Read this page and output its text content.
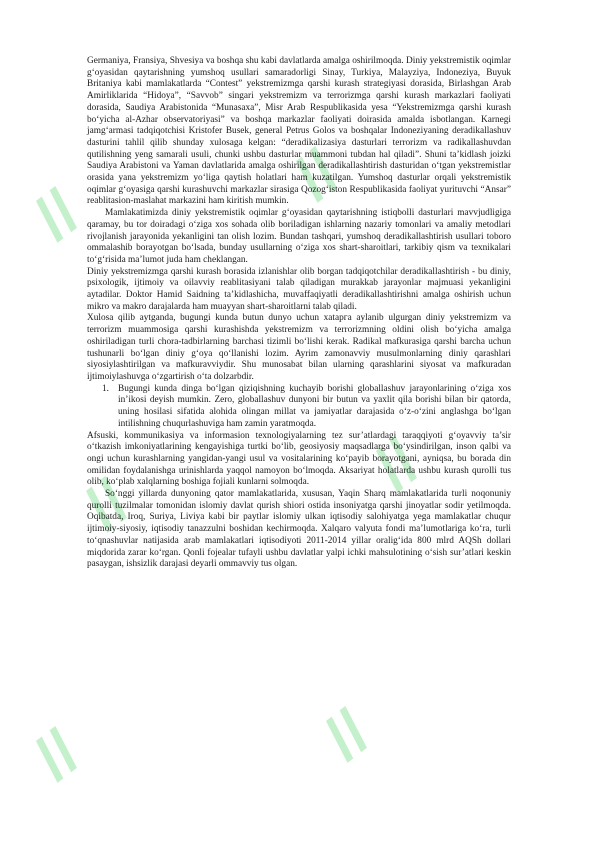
//
//
//
//
//	//

Germaniya, Fransiya, Shvesiya va boshqa shu kabi davlatlarda amalga oshirilmoqda. Diniy yekstremistik oqimlar g‘oyasidan qaytarishning yumshoq usullari samaradorligi Sinay, Turkiya, Malayziya, Indoneziya, Buyuk Britaniya kabi mamlakatlarda “Contest” yekstremizmga qarshi kurash strategiyasi dorasida, Birlashgan Arab Amirliklarida “Hidoya”, “Savvob” singari yekstremizm va terrorizmga qarshi kurash markazlari faoliyati dorasida, Saudiya Arabistonida “Munasaxa”, Misr Arab Respublikasida yesa “Yekstremizmga qarshi kurash bo‘yicha al-Azhar observatoriyasi” va boshqa markazlar faoliyati doirasida amalda isbotlangan. Karnegi jamg‘armasi tadqiqotchisi Kristofer Busek, general Petrus Golos va boshqalar Indoneziyaning deradikallashuv dasturini tahlil qilib shunday xulosaga kelgan: “deradikalizasiya dasturlari terrorizm va radikallashuvdan qutilishning yeng samarali usuli, chunki ushbu dasturlar muammoni tubdan hal qiladi”. Shuni ta’kidlash joizki Saudiya Arabistoni va Yaman davlatlarida amalga oshirilgan deradikallashtirish dasturidan o‘tgan yekstremistlar orasida yana yekstremizm yo‘liga qaytish holatlari ham kuzatilgan. Yumshoq dasturlar orqali yekstremistik oqimlar g‘oyasiga qarshi kurashuvchi markazlar sirasiga Qozog‘iston Respublikasida faoliyat yurituvchi “Ansar” reablitasion-maslahat markazini ham kiritish mumkin.

Mamlakatimizda diniy yekstremistik oqimlar g‘oyasidan qaytarishning istiqbolli dasturlari mavvjudligiga qaramay, bu tor doiradagi o‘ziga xos sohada olib boriladigan ishlarning nazariy tomonlari va amaliy metodlari rivojlanish jarayonida yekanligini tan olish lozim. Bundan tashqari, yumshoq deradikallashtirish usullari toboro ommalashib borayotgan bo‘lsada, bunday usullarning o‘ziga xos shart-sharoitlari, tarkibiy qism va texnikalari to‘g‘risida ma’lumot juda ham cheklangan.

Diniy yekstremizmga qarshi kurash borasida izlanishlar olib borgan tadqiqotchilar deradikallashtirish - bu diniy, psixologik, ijtimoiy va oilavviy reablitasiyani talab qiladigan murakkab jarayonlar majmuasi yekanligini aytadilar. Doktor Hamid Saidning ta’kidlashicha, muvaffaqiyatli deradikallashtirishni amalga oshirish uchun mikro va makro darajalarda ham muayyan shart-sharoitlarni talab qiladi.

Xulosa qilib aytganda, bugungi kunda butun dunyo uchun xataрга aylanib ulgurgan diniy yekstremizm va terrorizm muammosiga qarshi kurashishda yekstremizm va terrorizmning oldini olish bo‘yicha amalga oshiriladigan turli chora-tadbirlarning barchasi tizimli bo‘lishi kerak. Radikal mafkurasiga qarshi barcha uchun tushunarli bo‘lgan diniy g‘oya qo‘llanishi lozim. Ayrim zamonavviy musulmonlarning diniy qarashlari siyosiylashtirilgan va mafkuravviydir. Shu munosabat bilan ularning qarashlarini siyosat va mafkuradan ijtimoiylashuvga o‘zgartirish o‘ta dolzarbdir.

1. Bugungi kunda dinga bo‘lgan qiziqishning kuchayib borishi globallashuv jarayonlarining o‘ziga xos in’ikosi deyish mumkin. Zero, globallashuv dunyoni bir butun va yaxlit qila borishi bilan bir qatorda, uning hosilasi sifatida alohida olingan millat va jamiyatlar darajasida o‘z-o‘zini anglashga bo‘lgan intilishning chuqurlashuviga ham zamin yaratmoqda.

Afsuski, kommunikasiya va informasion texnologiyalarning tez sur’atlardagi taraqqiyoti g‘oyavviy ta’sir o‘tkazish imkoniyatlarining kengayishiga turtki bo‘lib, geosiyosiy maqsadlarga bo‘ysindirilgan, inson qalbi va ongi uchun kurashlarning yangidan-yangi usul va vositalarining ko‘payib borayotgani, ayniqsa, bu borada din omilidan foydalanishga urinishlarda yaqqol namoyon bo‘lmoqda. Aksariyat holatlarda ushbu kurash qurolli tus olib, ko‘plab xalqlarning boshiga fojiali kunlarni solmoqda.

So‘nggi yillarda dunyoning qator mamlakatlarida, xususan, Yaqin Sharq mamlakatlarida turli noqonuniy qurolli tuzilmalar tomonidan islomiy davlat qurish shiori ostida insoniyatga qarshi jinoyatlar sodir yetilmoqda. Oqibatda, Iroq, Suriya, Liviya kabi bir paytlar islomiy ulkan iqtisodiy salohiyatga yega mamlakatlar chuqur ijtimoiy-siyosiy, iqtisodiy tanazzulni boshidan kechirmoqda. Xalqaro valyuta fondi ma’lumotlariga ko‘ra, turli to‘qnashuvlar natijasida arab mamlakatlari iqtisodiyoti 2011-2014 yillar oralig‘ida 800 mlrd AQSh dollari miqdorida zarar ko‘rgan. Qonli fojealar tufayli ushbu davlatlar yalpi ichki mahsulotining o‘sish sur’atlari keskin pasaygan, ishsizlik darajasi deyarli ommavviy tus olgan.
